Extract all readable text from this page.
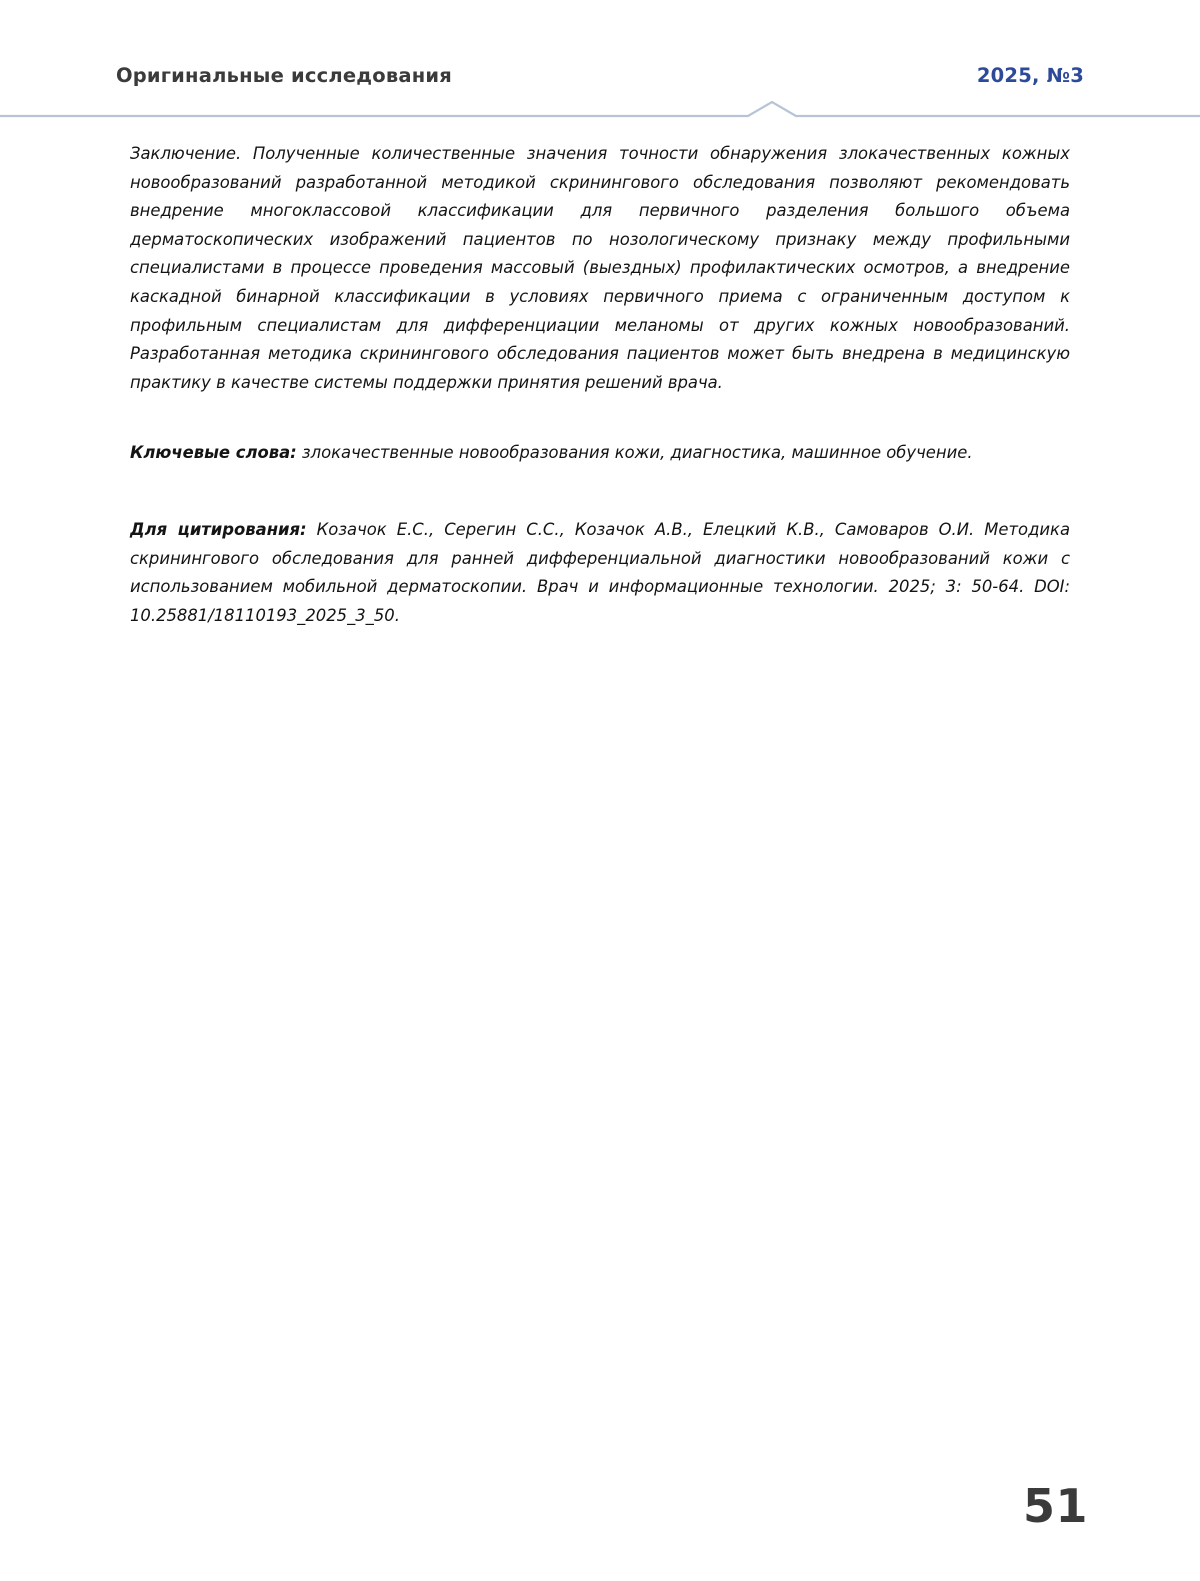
Оригинальные исследования	2025, №3

Заключение. Полученные количественные значения точности обнаружения злокачественных кожных новообразований разработанной методикой скринингового обследования позволяют рекомендовать внедрение многоклассовой классификации для первичного разделения большого объема дерматоскопических изображений пациентов по нозологическому признаку между профильными специалистами в процессе проведения массовый (выездных) профилактических осмотров, а внедрение каскадной бинарной классификации в условиях первичного приема с ограниченным доступом к профильным специалистам для дифференциации меланомы от других кожных новообразований. Разработанная методика скринингового обследования пациентов может быть внедрена в медицинскую практику в качестве системы поддержки принятия решений врача.

Ключевые слова: злокачественные новообразования кожи, диагностика, машинное обучение.

Для цитирования: Козачок Е.С., Серегин С.С., Козачок А.В., Елецкий К.В., Самоваров О.И. Методика скринингового обследования для ранней дифференциальной диагностики новообразований кожи с использованием мобильной дерматоскопии. Врач и информационные технологии. 2025; 3: 50-64. DOI: 10.25881/18110193_2025_3_50.

51
